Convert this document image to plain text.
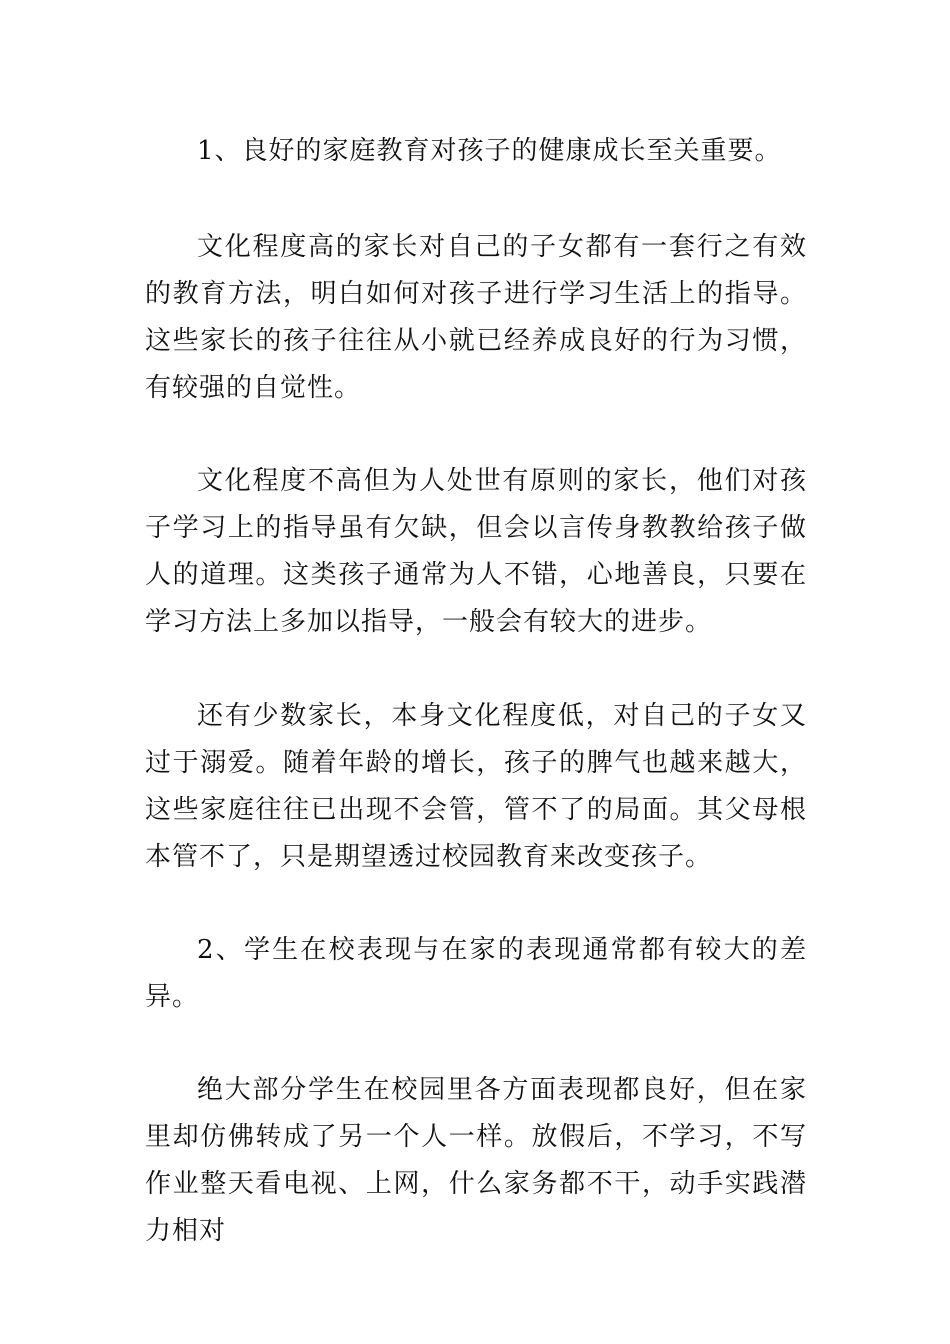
1、良好的家庭教育对孩子的健康成长至关重要。

文化程度高的家长对自己的子女都有一套行之有效的教育方法，明白如何对孩子进行学习生活上的指导。这些家长的孩子往往从小就已经养成良好的行为习惯，有较强的自觉性。

文化程度不高但为人处世有原则的家长，他们对孩子学习上的指导虽有欠缺，但会以言传身教教给孩子做人的道理。这类孩子通常为人不错，心地善良，只要在学习方法上多加以指导，一般会有较大的进步。

还有少数家长，本身文化程度低，对自己的子女又过于溺爱。随着年龄的增长，孩子的脾气也越来越大，这些家庭往往已出现不会管，管不了的局面。其父母根本管不了，只是期望透过校园教育来改变孩子。

2、学生在校表现与在家的表现通常都有较大的差异。

绝大部分学生在校园里各方面表现都良好，但在家里却仿佛转成了另一个人一样。放假后，不学习，不写作业整天看电视、上网，什么家务都不干，动手实践潜力相对
